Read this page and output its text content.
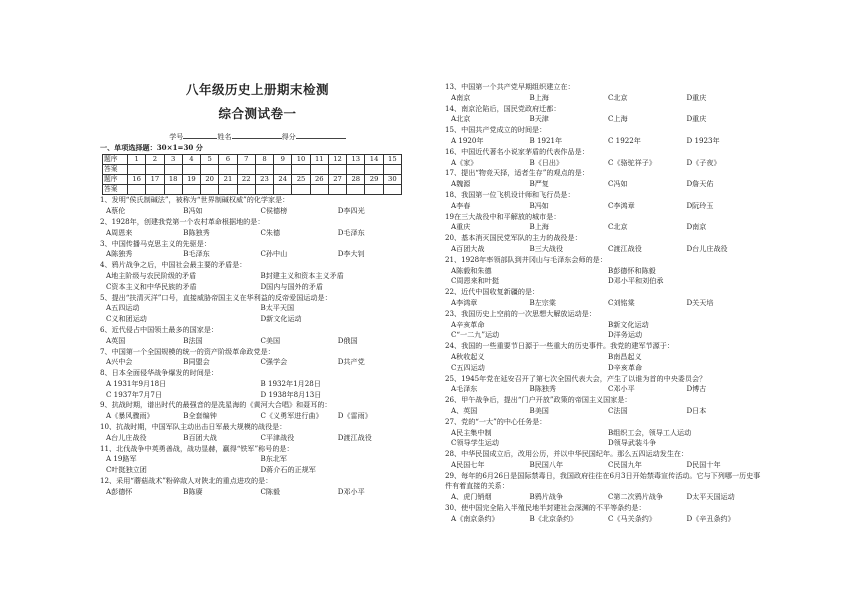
八年级历史上册期末检测
综合测试卷一
学号	姓名	得分
一、单项选择题：30×1=30 分
题序	1	2	3	4	5	6	7	8	9	10	11	12	13	14	15
答案															
题序	16	17	18	19	20	21	22	23	24	25	26	27	28	29	30
答案															
1、发明“侯氏制碱法”，被称为“世界制碱权威”的化学家是：
A蔡伦	B冯如	C侯德榜	D李四光
2、1928年，创建我党第一个农村革命根据地的是：
A周恩来	B陈独秀	C朱德	D毛泽东
3、中国传播马克思主义的先驱是：
A陈独秀	B毛泽东	C孙中山	D李大钊
4、鸦片战争之后，中国社会最主要的矛盾是：
A地主阶级与农民阶级的矛盾	B封建主义和资本主义矛盾
C资本主义和中华民族的矛盾	D国内与国外的矛盾
5、提出“扶清灭洋”口号，直接威胁帝国主义在华利益的反帝爱国运动是：
A五四运动	B太平天国
C义和团运动	D新文化运动
6、近代侵占中国领土最多的国家是：
A英国	B法国	C美国	D俄国
7、中国第一个全国规模的统一的资产阶级革命政党是：
A兴中会	B同盟会	C强学会	D共产党
8、日本全面侵华战争爆发的时间是：
A 1931年9月18日	B 1932年1月28日
C 1937年7月7日	D 1938年8月13日
9、抗战时期，谱出时代的最强音的是冼星海的《黄河大合唱》和聂耳的：
A《暴风骤雨》	B全套编钟	C《义勇军进行曲》	D《雷雨》
10、抗战时期，中国军队主动出击日军最大规模的战役是：
A台儿庄战役	B百团大战	C平津战役	D渡江战役
11、北伐战争中英勇善战，战功显赫，赢得“铁军”称号的是：
A 19路军	B东北军
C叶挺独立团	D蒋介石的正规军
12、采用“蘑菇战术”粉碎敌人对陕北的重点进攻的是：
A彭德怀	B陈赓	C陈毅	D邓小平
13、中国第一个共产党早期组织建立在：
A南京	B上海	C北京	D重庆
14、南京沦陷后，国民党政府迁都：
A北京	B天津	C上海	D重庆
15、中国共产党成立的时间是：
A 1920年	B 1921年	C 1922年	D 1923年
16、中国近代著名小说家茅盾的代表作品是：
A《家》	B《日出》	C《骆驼祥子》	D《子夜》
17、提出“物竞天择，适者生存”的观点的是：
A魏源	B严复	C冯如	D詹天佑
18、我国第一位飞机设计师和飞行员是：
A李春	B冯如	C李鸿章	D阮玲玉
19在三大战役中和平解放的城市是：
A重庆	B上海	C北京	D南京
20、基本消灭国民党军队的主力的战役是：
A百团大战	B三大战役	C渡江战役	D台儿庄战役
21、1928年率领部队到井冈山与毛泽东会师的是：
A陈毅和朱德	B彭德怀和陈毅
C周恩来和叶挺	D邓小平和刘伯承
22、近代中国收复新疆的是：
A李鸿章	B左宗棠	C刘铭棠	D关天培
23、我国历史上空前的一次思想大解放运动是：
A辛亥革命	B新文化运动
C“一二九”运动	D洋务运动
24、我国的一些重要节日源于一些重大的历史事件。我党的建军节源于：
A秋收起义	B南昌起义
C五四运动	D辛亥革命
25、1945年党在延安召开了第七次全国代表大会，产生了以谁为首的中央委员会？
A毛泽东	B陈独秀	C邓小平	D博古
26、甲午战争后，提出“门户开放”政策的帝国主义国家是：
A、英国	B美国	C法国	D日本
27、党的“一大”的中心任务是：
A民主集中制	B组织工会，领导工人运动
C领导学生运动	D领导武装斗争
28、中华民国成立后，改用公历，并以中华民国纪年。那么五四运动发生在：
A民国七年	B民国八年	C民国九年	D民国十年
29、每年的6月26日是国际禁毒日，我国政府往往在6月3日开始禁毒宣传活动。它与下列哪一历史事件有着直接的关系：
A、虎门销烟	B鸦片战争	C第二次鸦片战争	D太平天国运动
30、使中国完全陷入半殖民地半封建社会深渊的不平等条约是：
A《南京条约》	B《北京条约》	C《马关条约》	D《辛丑条约》
